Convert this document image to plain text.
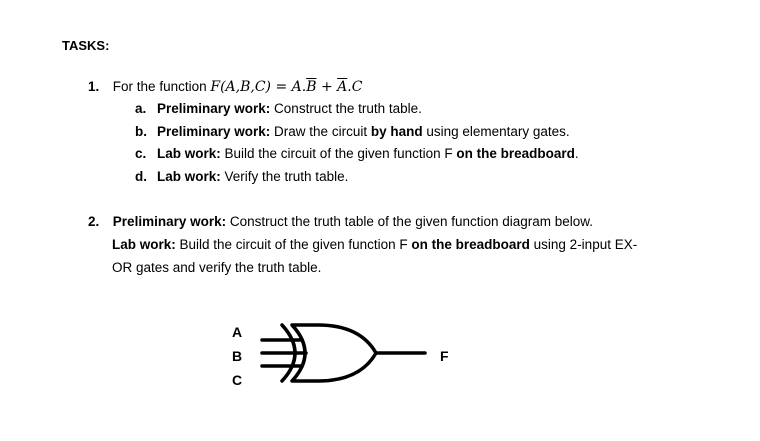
TASKS:
1. For the function $F(A,B,C) = A.\overline{B} + \overline{A}.C$
a. Preliminary work: Construct the truth table.
b. Preliminary work: Draw the circuit by hand using elementary gates.
c. Lab work: Build the circuit of the given function F on the breadboard.
d. Lab work: Verify the truth table.
2. Preliminary work: Construct the truth table of the given function diagram below.
Lab work: Build the circuit of the given function F on the breadboard using 2-input EX-
OR gates and verify the truth table.
A
B
C
F
